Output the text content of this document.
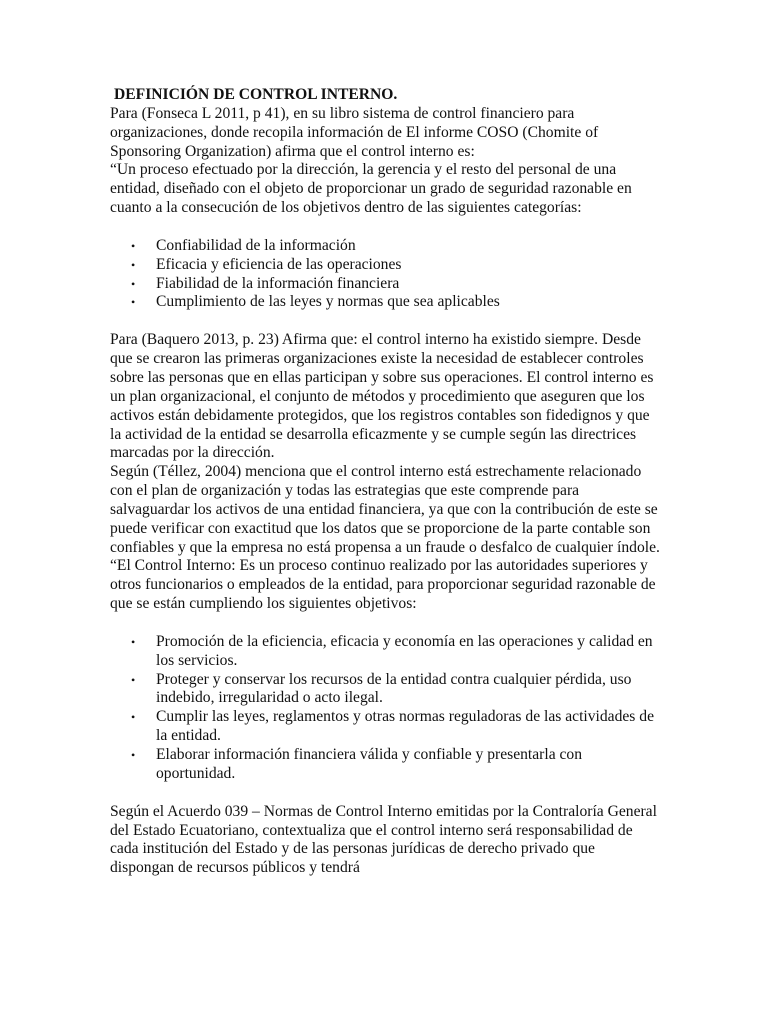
DEFINICIÓN DE CONTROL INTERNO.

Para (Fonseca L 2011, p 41), en su libro sistema de control financiero para organizaciones, donde recopila información de El informe COSO (Chomite of Sponsoring Organization) afirma que el control interno es:

“Un proceso efectuado por la dirección, la gerencia y el resto del personal de una entidad, diseñado con el objeto de proporcionar un grado de seguridad razonable en cuanto a la consecución de los objetivos dentro de las siguientes categorías:

• Confiabilidad de la información
• Eficacia y eficiencia de las operaciones
• Fiabilidad de la información financiera
• Cumplimiento de las leyes y normas que sea aplicables

Para (Baquero 2013, p. 23) Afirma que: el control interno ha existido siempre. Desde que se crearon las primeras organizaciones existe la necesidad de establecer controles sobre las personas que en ellas participan y sobre sus operaciones. El control interno es un plan organizacional, el conjunto de métodos y procedimiento que aseguren que los activos están debidamente protegidos, que los registros contables son fidedignos y que la actividad de la entidad se desarrolla eficazmente y se cumple según las directrices marcadas por la dirección.

Según (Téllez, 2004) menciona que el control interno está estrechamente relacionado con el plan de organización y todas las estrategias que este comprende para salvaguardar los activos de una entidad financiera, ya que con la contribución de este se puede verificar con exactitud que los datos que se proporcione de la parte contable son confiables y que la empresa no está propensa a un fraude o desfalco de cualquier índole.

“El Control Interno: Es un proceso continuo realizado por las autoridades superiores y otros funcionarios o empleados de la entidad, para proporcionar seguridad razonable de que se están cumpliendo los siguientes objetivos:

• Promoción de la eficiencia, eficacia y economía en las operaciones y calidad en los servicios.
• Proteger y conservar los recursos de la entidad contra cualquier pérdida, uso indebido, irregularidad o acto ilegal.
• Cumplir las leyes, reglamentos y otras normas reguladoras de las actividades de la entidad.
• Elaborar información financiera válida y confiable y presentarla con oportunidad.

Según el Acuerdo 039 – Normas de Control Interno emitidas por la Contraloría General del Estado Ecuatoriano, contextualiza que el control interno será responsabilidad de cada institución del Estado y de las personas jurídicas de derecho privado que dispongan de recursos públicos y tendrá
